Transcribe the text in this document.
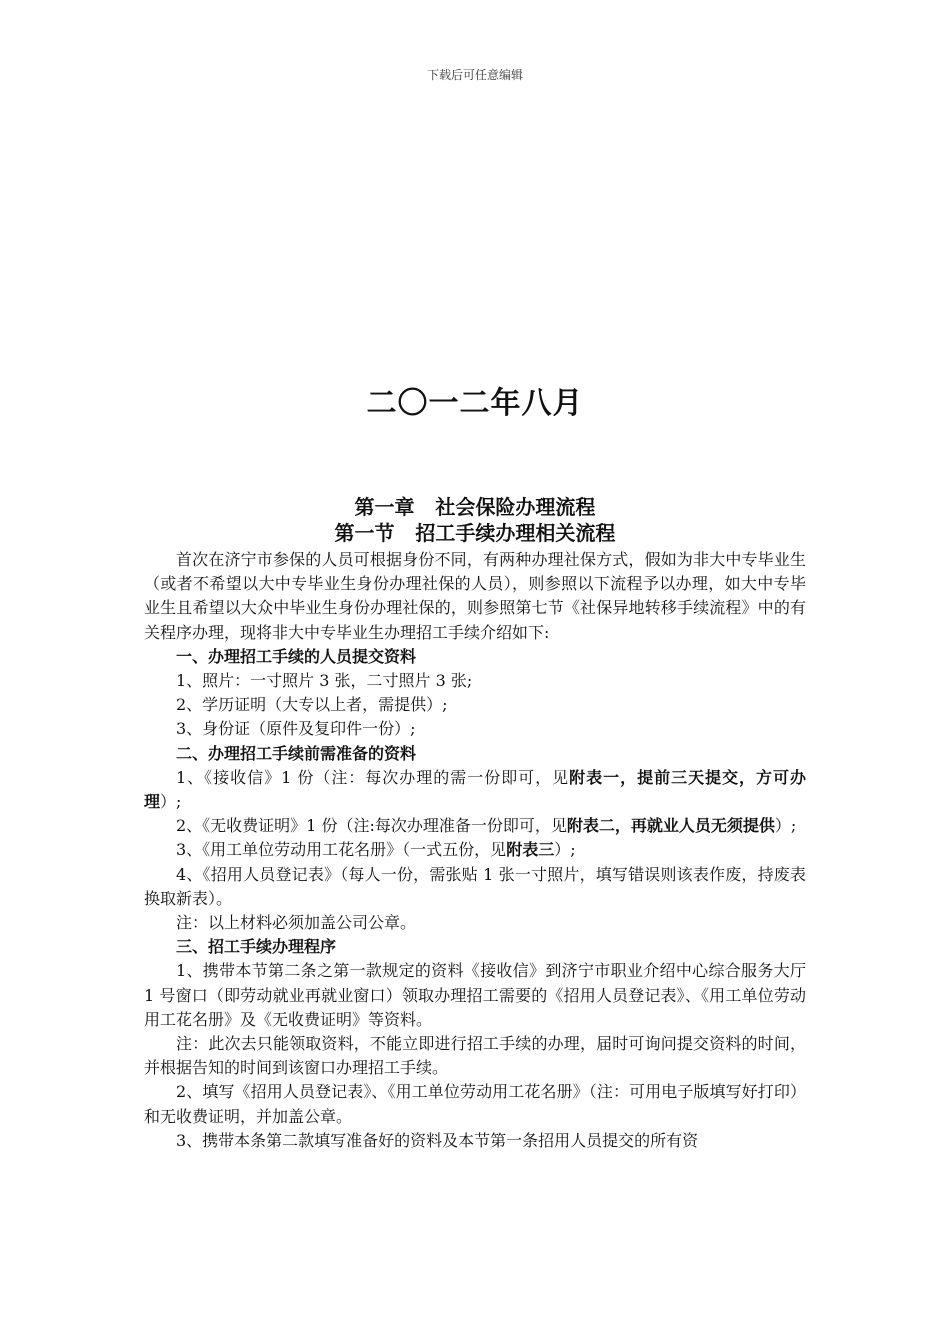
下载后可任意编辑
二〇一二年八月
第一章   社会保险办理流程
第一节   招工手续办理相关流程

首次在济宁市参保的人员可根据身份不同，有两种办理社保方式，假如为非大中专毕业生（或者不希望以大中专毕业生身份办理社保的人员），则参照以下流程予以办理，如大中专毕业生且希望以大众中毕业生身份办理社保的，则参照第七节《社保异地转移手续流程》中的有关程序办理，现将非大中专毕业生办理招工手续介绍如下:

一、办理招工手续的人员提交资料

1、照片：一寸照片 3 张，二寸照片 3 张;

2、学历证明（大专以上者，需提供）;

3、身份证（原件及复印件一份）;

二、办理招工手续前需准备的资料

1、《接收信》1 份（注：每次办理的需一份即可，见附表一，提前三天提交，方可办理）;

2、《无收费证明》1 份（注:每次办理准备一份即可，见附表二，再就业人员无须提供）;

3、《用工单位劳动用工花名册》（一式五份，见附表三）;

4、《招用人员登记表》（每人一份，需张贴 1 张一寸照片，填写错误则该表作废，持废表换取新表）。

注：以上材料必须加盖公司公章。

三、招工手续办理程序

1、携带本节第二条之第一款规定的资料《接收信》到济宁市职业介绍中心综合服务大厅 1 号窗口（即劳动就业再就业窗口）领取办理招工需要的《招用人员登记表》、《用工单位劳动用工花名册》及《无收费证明》等资料。

注：此次去只能领取资料，不能立即进行招工手续的办理，届时可询问提交资料的时间，并根据告知的时间到该窗口办理招工手续。

2、填写《招用人员登记表》、《用工单位劳动用工花名册》（注：可用电子版填写好打印）和无收费证明，并加盖公章。

3、携带本条第二款填写准备好的资料及本节第一条招用人员提交的所有资
